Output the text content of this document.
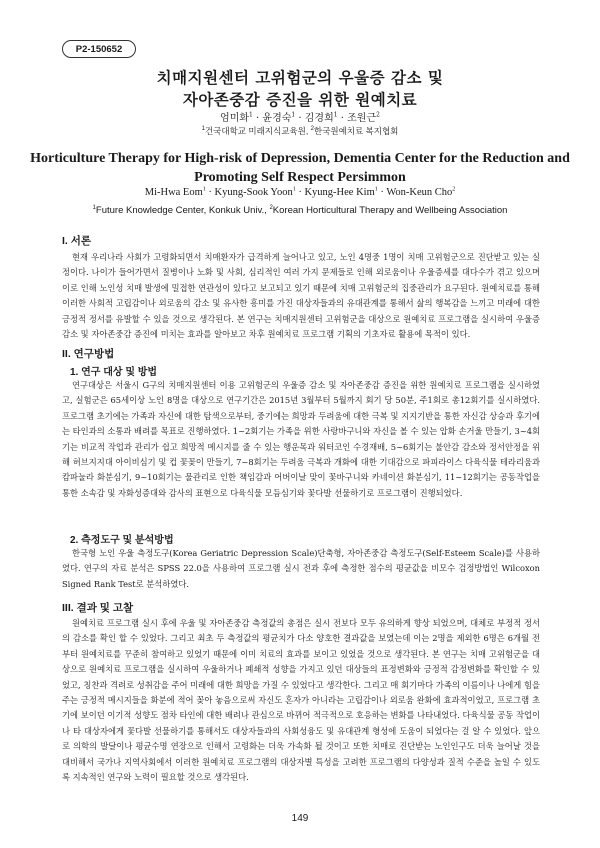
P2-150652
치매지원센터 고위험군의 우울증 감소 및
자아존중감 증진을 위한 원예치료
엄미화$^1$ · 윤경숙$^1$ · 김경희$^1$ · 조원근$^2$
$^1$건국대학교 미래지식교육원, $^2$한국원예치료 복지협회
Horticulture Therapy for High-risk of Depression, Dementia Center for the Reduction and
Promoting Self Respect Persimmon
Mi-Hwa Eom$^1$ · Kyung-Sook Yoon$^1$ · Kyung-Hee Kim$^1$ · Won-Keun Cho$^2$
$^1$Future Knowledge Center, Konkuk Univ., $^2$Korean Horticultural Therapy and Wellbeing Association
I. 서론

현재 우리나라 사회가 고령화되면서 치매환자가 급격하게 늘어나고 있고, 노인 4명중 1명이 치매 고위험군으로 진단받고 있는 실정이다. 나이가 들어가면서 질병이나 노화 및 사회, 심리적인 여러 가지 문제들로 인해 외로움이나 우울증세를 대다수가 겪고 있으며 이로 인해 노인성 치매 발생에 밀접한 연관성이 있다고 보고되고 있기 때문에 치매 고위험군의 집중관리가 요구된다. 원예치료를 통해 이러한 사회적 고립감이나 외로움의 감소 및 유사한 흥미를 가진 대상자들과의 유대관계를 통해서 삶의 행복감을 느끼고 미래에 대한 긍정적 정서를 유발할 수 있을 것으로 생각된다. 본 연구는 치매지원센터 고위험군을 대상으로 원예치료 프로그램을 실시하여 우울증 감소 및 자아존중감 증진에 미치는 효과를 알아보고 차후 원예치료 프로그램 기획의 기초자료 활용에 목적이 있다.

II. 연구방법
1. 연구 대상 및 방법

연구대상은 서울시 G구의 치매지원센터 이용 고위험군의 우울증 감소 및 자아존중감 증진을 위한 원예치료 프로그램을 실시하였고, 실험군은 65세이상 노인 8명을 대상으로 연구기간은 2015년 3월부터 5월까지 회기 당 50분, 주1회로 총12회기를 실시하였다. 프로그램 초기에는 가족과 자신에 대한 탐색으로부터, 중기에는 희망과 두려움에 대한 극복 및 지지기반을 통한 자신감 상승과 후기에는 타인과의 소통과 배려를 목표로 진행하였다. 1~2회기는 가족을 위한 사랑바구니와 자신을 볼 수 있는 압화 손거울 만들기, 3~4회기는 비교적 작업과 관리가 쉽고 희망적 메시지를 줄 수 있는 행운목과 워터코인 수경재배, 5~6회기는 불안감 감소와 정서안정을 위해 허브지지대 아이비심기 및 컵 꽃꽂이 만들기, 7~8회기는 두려움 극복과 개화에 대한 기대감으로 파피라이스 다육식물 테라리움과 캄파눌라 화분심기, 9~10회기는 물관리로 인한 책임감과 어버이날 맞이 꽃바구니와 카네이션 화분심기, 11~12회기는 공동작업을 통한 소속감 및 자화성증대와 감사의 표현으로 다육식물 모듬심기와 꽃다발 선물하기로 프로그램이 진행되었다.

2. 측정도구 및 분석방법

한국형 노인 우울 측정도구(Korea Geriatric Depression Scale)단축형, 자아존중감 측정도구(Self-Esteem Scale)를 사용하였다. 연구의 자료 분석은 SPSS 22.0을 사용하여 프로그램 실시 전과 후에 측정한 점수의 평균값을 비모수 검정방법인 Wilcoxon Signed Rank Test로 분석하였다.

III. 결과 및 고찰

원예치료 프로그램 실시 후에 우울 및 자아존중감 측정값의 총점은 실시 전보다 모두 유의하게 향상 되었으며, 대체로 부정적 정서의 감소를 확인 할 수 있었다. 그리고 최초 두 측정값의 평균치가 다소 양호한 결과값을 보였는데 이는 2명을 제외한 6명은 6개월 전부터 원예치료를 꾸준히 참여하고 있었기 때문에 이미 치료의 효과를 보이고 있었을 것으로 생각된다. 본 연구는 치매 고위험군을 대상으로 원예치료 프로그램을 실시하여 우울하거나 폐쇄적 성향을 가지고 있던 대상들의 표정변화와 긍정적 감정변화를 확인할 수 있었고, 칭찬과 격려로 성취감을 주어 미래에 대한 희망을 가질 수 있었다고 생각한다. 그리고 매 회기마다 가족의 이름이나 나에게 힘을 주는 긍정적 메시지들을 화분에 적어 꽂아 놓음으로써 자신도 혼자가 아니라는 고립감이나 외로움 완화에 효과적이었고, 프로그램 초기에 보이던 이기적 성향도 점차 타인에 대한 배려나 관심으로 바뀌어 적극적으로 호응하는 변화를 나타내었다. 다육식물 공동 작업이나 타 대상자에게 꽃다발 선물하기를 통해서도 대상자들과의 사회성융도 및 유대관계 형성에 도움이 되었다는 걸 알 수 있었다. 앞으로 의학의 발달이나 평균수명 연장으로 인해서 고령화는 더욱 가속화 될 것이고 또한 치매로 진단받는 노인인구도 더욱 늘어날 것을 대비해서 국가나 지역사회에서 이러한 원예치료 프로그램의 대상자별 특성을 고려한 프로그램의 다양성과 질적 수준을 높일 수 있도록 지속적인 연구와 노력이 필요할 것으로 생각된다.

149
